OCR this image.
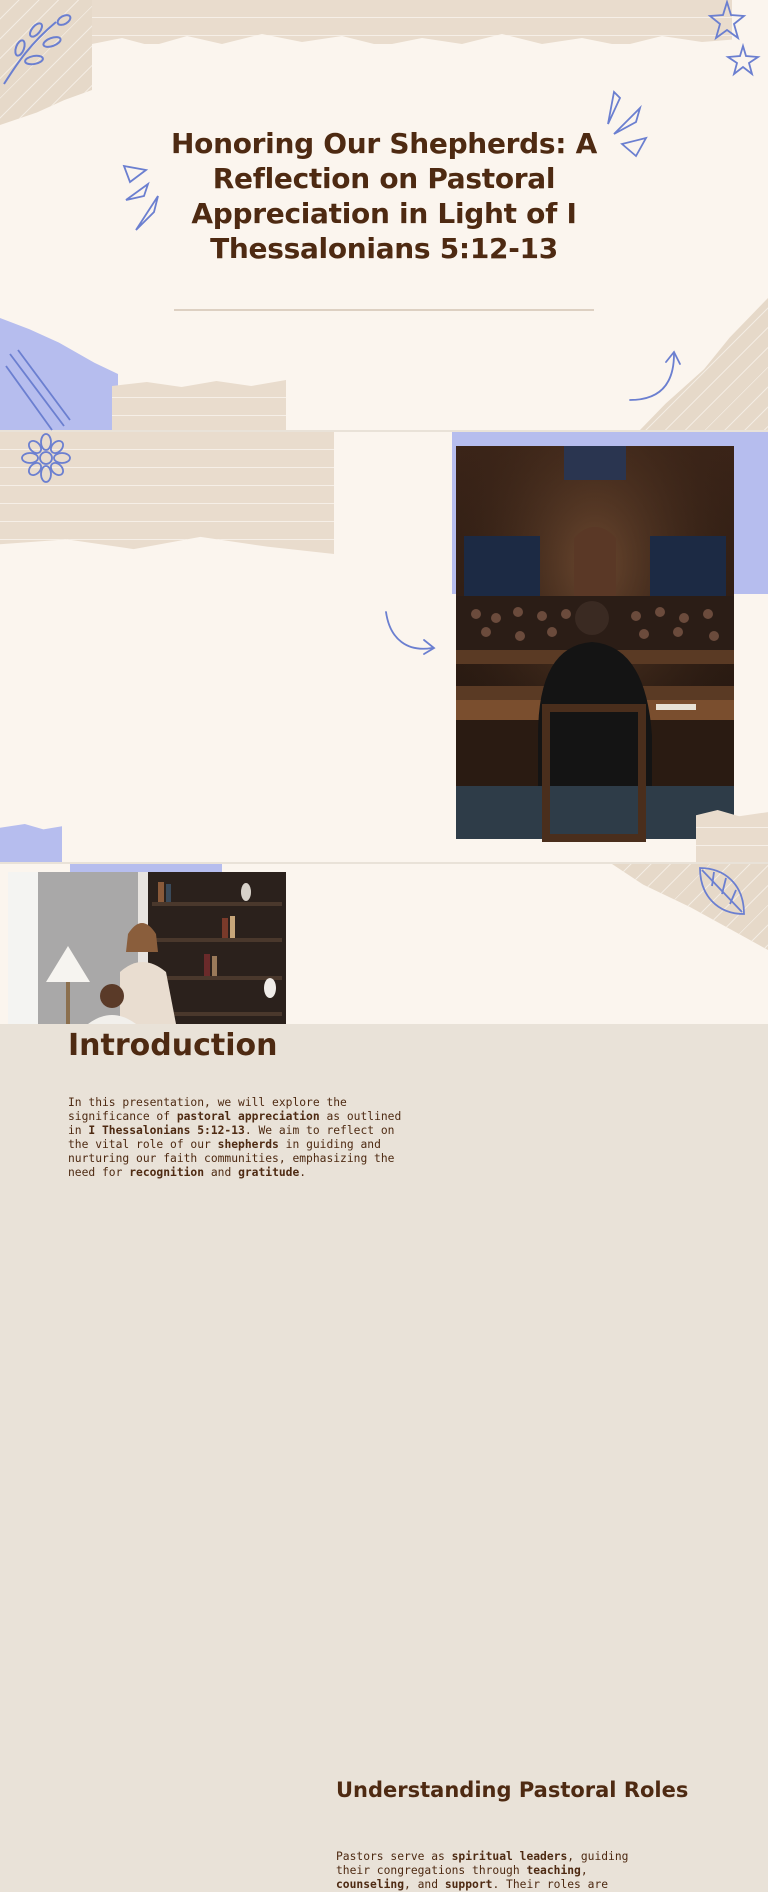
Honoring Our Shepherds: A Reflection on Pastoral Appreciation in Light of I Thessalonians 5:12-13
Introduction

In this presentation, we will explore the
significance of pastoral appreciation as outlined
in I Thessalonians 5:12-13. We aim to reflect on
the vital role of our shepherds in guiding and
nurturing our faith communities, emphasizing the
need for recognition and gratitude.

Understanding Pastoral Roles

Pastors serve as spiritual leaders, guiding
their congregations through teaching,
counseling, and support. Their roles are
